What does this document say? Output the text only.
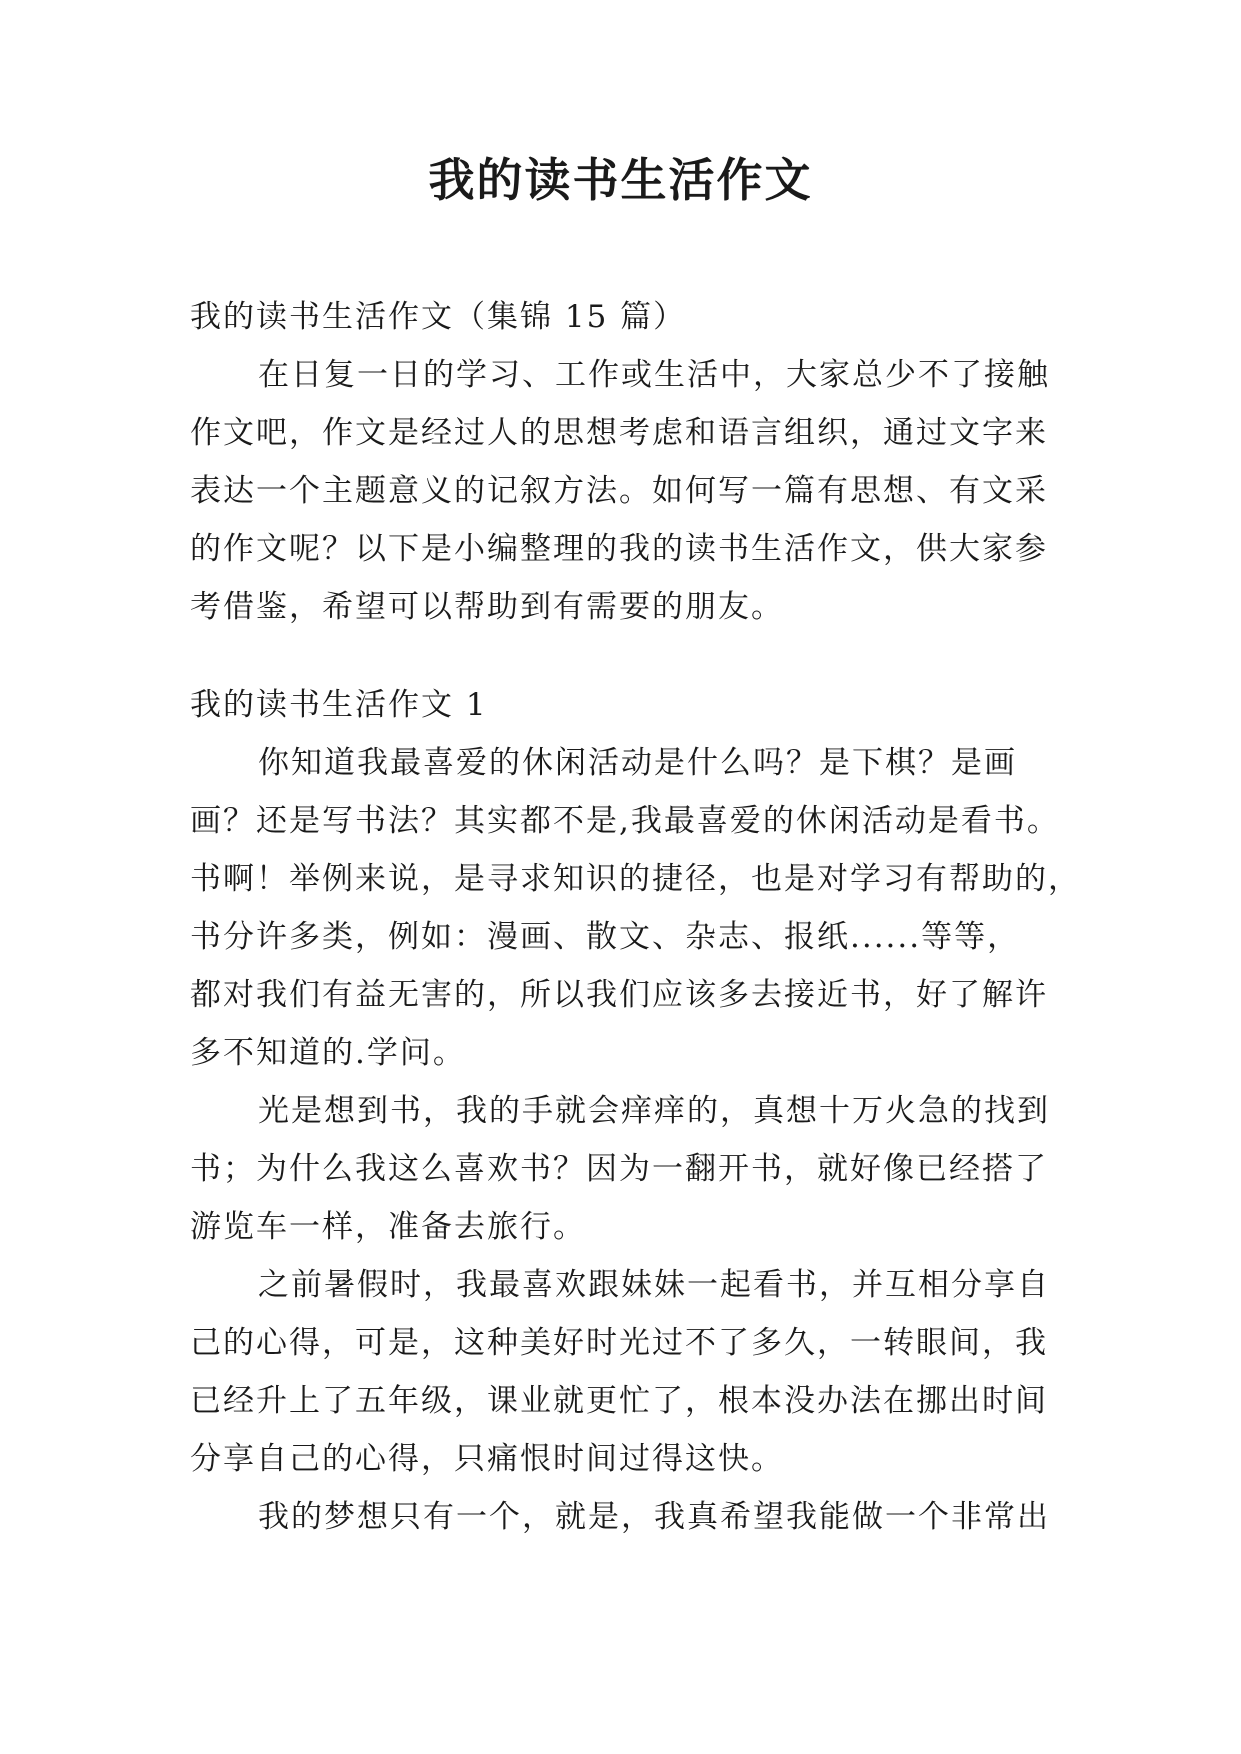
我的读书生活作文
我的读书生活作文（集锦 15 篇）
在日复一日的学习、工作或生活中，大家总少不了接触
作文吧，作文是经过人的思想考虑和语言组织，通过文字来
表达一个主题意义的记叙方法。如何写一篇有思想、有文采
的作文呢？以下是小编整理的我的读书生活作文，供大家参
考借鉴，希望可以帮助到有需要的朋友。
我的读书生活作文 1
你知道我最喜爱的休闲活动是什么吗？是下棋？是画
画？还是写书法？其实都不是,我最喜爱的休闲活动是看书。
书啊！举例来说，是寻求知识的捷径，也是对学习有帮助的，
书分许多类，例如：漫画、散文、杂志、报纸......等等，
都对我们有益无害的，所以我们应该多去接近书，好了解许
多不知道的.学问。
光是想到书，我的手就会痒痒的，真想十万火急的找到
书；为什么我这么喜欢书？因为一翻开书，就好像已经搭了
游览车一样，准备去旅行。
之前暑假时，我最喜欢跟妹妹一起看书，并互相分享自
己的心得，可是，这种美好时光过不了多久，一转眼间，我
已经升上了五年级，课业就更忙了，根本没办法在挪出时间
分享自己的心得，只痛恨时间过得这快。
我的梦想只有一个，就是，我真希望我能做一个非常出
